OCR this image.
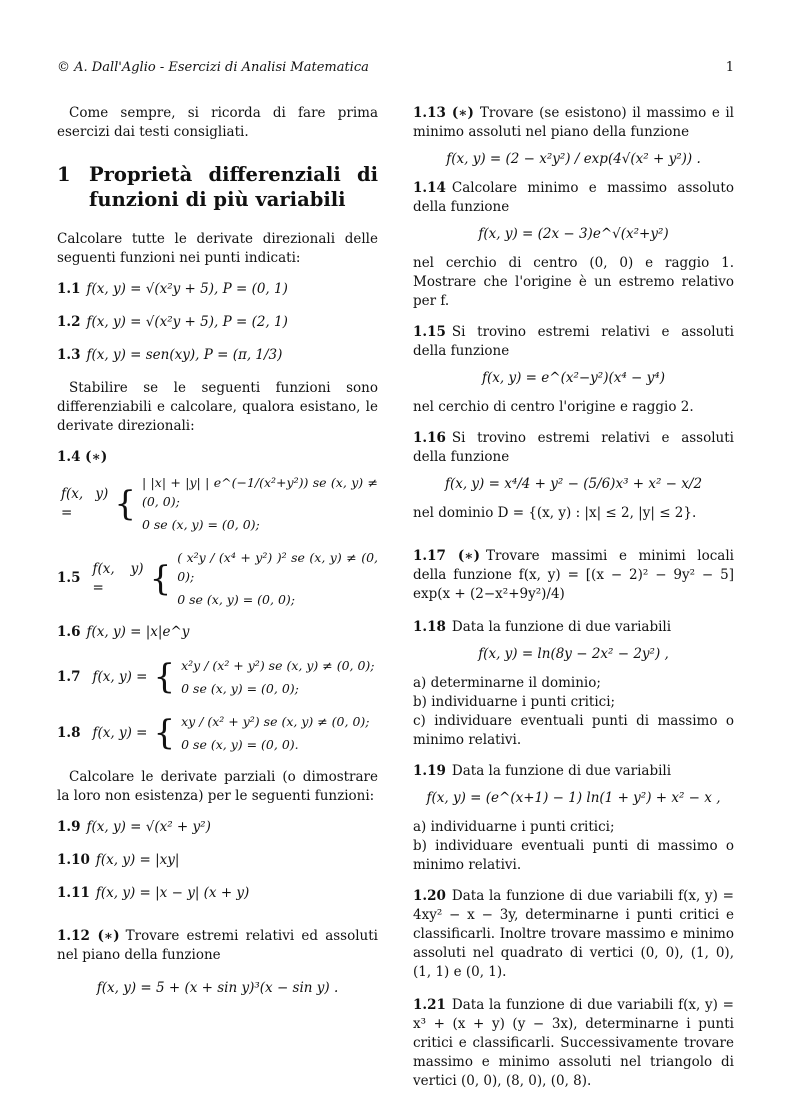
© A. Dall'Aglio - Esercizi di Analisi Matematica	1

Come sempre, si ricorda di fare prima esercizi dai testi consigliati.

1 Proprietà differenziali di funzioni di più variabili

Calcolare tutte le derivate direzionali delle seguenti funzioni nei punti indicati:

1.1 f(x, y) = √(x²y + 5), P = (0, 1)
1.2 f(x, y) = √(x²y + 5), P = (2, 1)
1.3 f(x, y) = sen(xy), P = (π, 1/3)

Stabilire se le seguenti funzioni sono differenziabili e calcolare, qualora esistano, le derivate direzionali:

1.4 (∗)
f(x, y) =	{
| |x| + |y| | e^(−1/(x²+y²)) se (x, y) ≠ (0, 0);
0 se (x, y) = (0, 0);
1.5
f(x, y) =	{
( x²y / (x⁴ + y²) )² se (x, y) ≠ (0, 0);
0 se (x, y) = (0, 0);
1.6 f(x, y) = |x|e^y
1.7 f(x, y) = { x²y / (x² + y²) se (x, y) ≠ (0, 0);
0 se (x, y) = (0, 0);
1.8 f(x, y) = { xy / (x² + y²) se (x, y) ≠ (0, 0);
0 se (x, y) = (0, 0).

Calcolare le derivate parziali (o dimostrare la loro non esistenza) per le seguenti funzioni:

1.9 f(x, y) = √(x² + y²)
1.10 f(x, y) = |xy|
1.11 f(x, y) = |x − y| (x + y)
1.12 (∗) Trovare estremi relativi ed assoluti nel piano della funzione
f(x, y) = 5 + (x + sin y)³(x − sin y) .
1.13 (∗) Trovare (se esistono) il massimo e il minimo assoluti nel piano della funzione
f(x, y) = (2 − x²y²) / exp(4√(x² + y²)) .
1.14 Calcolare minimo e massimo assoluto della funzione
f(x, y) = (2x − 3)e^√(x²+y²)

nel cerchio di centro (0, 0) e raggio 1. Mostrare che l'origine è un estremo relativo per f.

1.15 Si trovino estremi relativi e assoluti della funzione
f(x, y) = e^(x²−y²)(x⁴ − y⁴)

nel cerchio di centro l'origine e raggio 2.

1.16 Si trovino estremi relativi e assoluti della funzione
f(x, y) = x⁴/4 + y² − (5/6)x³ + x² − x/2

nel dominio D = {(x, y) : |x| ≤ 2, |y| ≤ 2}.

1.17 (∗) Trovare massimi e minimi locali della funzione f(x, y) = [(x − 2)² − 9y² − 5] exp(x + (2−x²+9y²)/4)
1.18 Data la funzione di due variabili
f(x, y) = ln(8y − 2x² − 2y²) ,
a) determinarne il dominio;
b) individuarne i punti critici;

c) individuare eventuali punti di massimo o minimo relativi.

1.19 Data la funzione di due variabili
f(x, y) = (e^(x+1) − 1) ln(1 + y²) + x² − x ,
a) individuarne i punti critici;

b) individuare eventuali punti di massimo o minimo relativi.

1.20 Data la funzione di due variabili f(x, y) = 4xy² − x − 3y, determinarne i punti critici e classificarli. Inoltre trovare massimo e minimo assoluti nel quadrato di vertici (0, 0), (1, 0), (1, 1) e (0, 1).
1.21 Data la funzione di due variabili f(x, y) = x³ + (x + y) (y − 3x), determinarne i punti critici e classificarli. Successivamente trovare massimo e minimo assoluti nel triangolo di vertici (0, 0), (8, 0), (0, 8).
